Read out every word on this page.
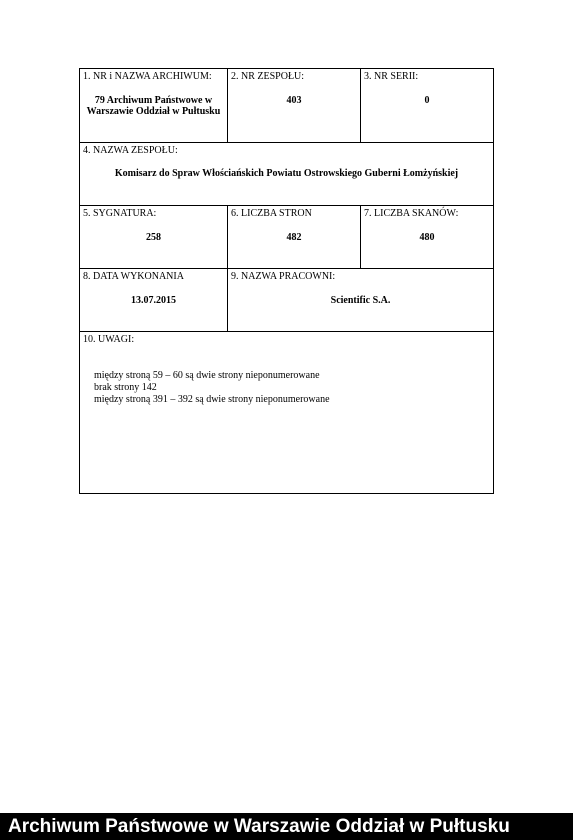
1. NR i NAZWA ARCHIWUM:
79 Archiwum Państwowe w Warszawie Oddział w Pułtusku
2. NR ZESPOŁU:
403
3. NR SERII:
0
4. NAZWA ZESPOŁU:
Komisarz do Spraw Włościańskich Powiatu Ostrowskiego Guberni Łomżyńskiej
5. SYGNATURA:
258
6. LICZBA STRON
482
7. LICZBA SKANÓW:
480
8. DATA WYKONANIA
13.07.2015
9. NAZWA PRACOWNI:
Scientific S.A.
10. UWAGI:
między stroną 59 – 60 są dwie strony nieponumerowane
brak strony 142
między stroną 391 – 392 są dwie strony nieponumerowane
Archiwum Państwowe w Warszawie Oddział w Pułtusku
